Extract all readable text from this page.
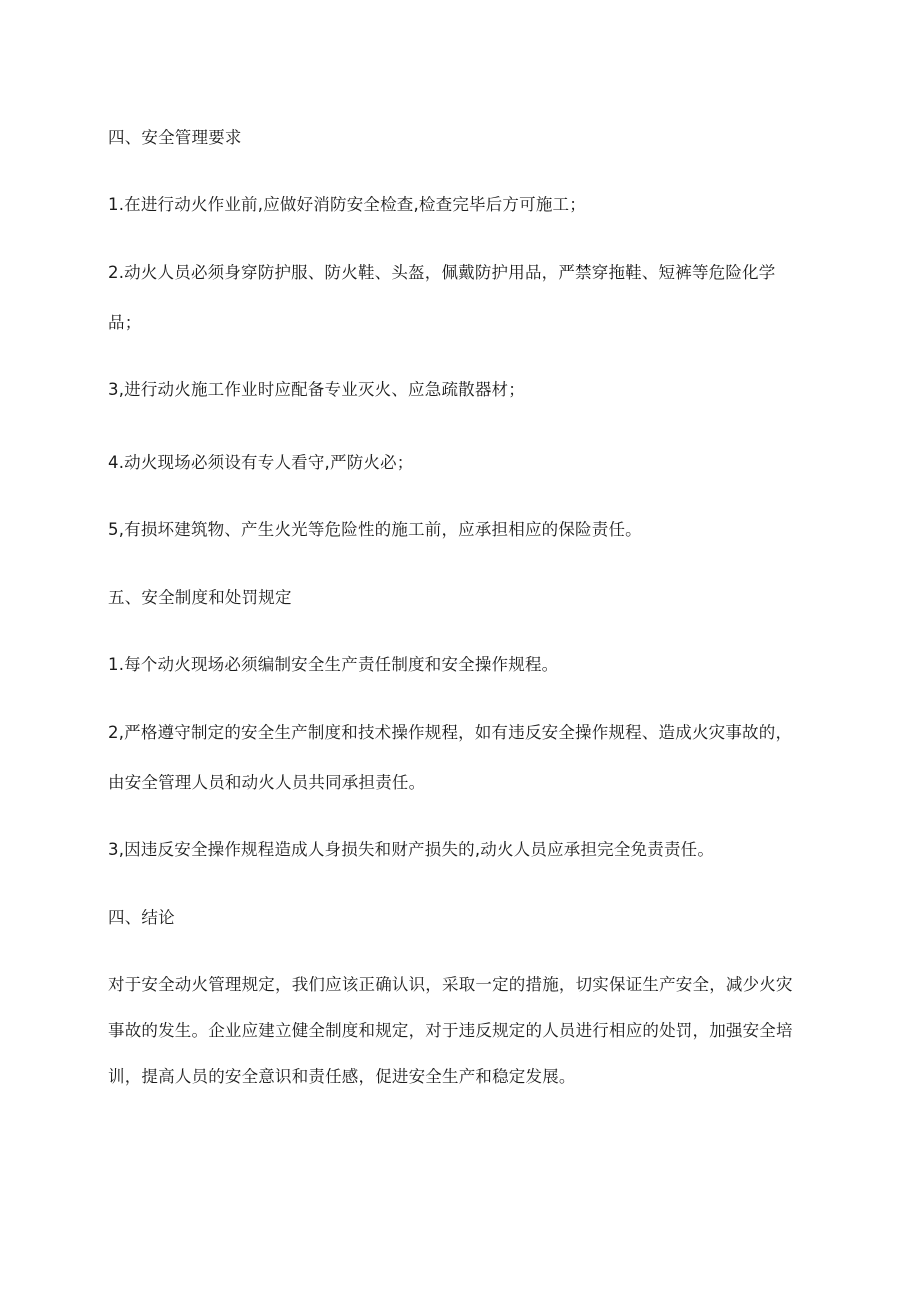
四、安全管理要求
1.在进行动火作业前,应做好消防安全检查,检查完毕后方可施工；
2.动火人员必须身穿防护服、防火鞋、头盔，佩戴防护用品，严禁穿拖鞋、短裤等危险化学
品；
3,进行动火施工作业时应配备专业灭火、应急疏散器材；
4.动火现场必须设有专人看守,严防火必；
5,有损坏建筑物、产生火光等危险性的施工前，应承担相应的保险责任。
五、安全制度和处罚规定
1.每个动火现场必须编制安全生产责任制度和安全操作规程。
2,严格遵守制定的安全生产制度和技术操作规程，如有违反安全操作规程、造成火灾事故的，
由安全管理人员和动火人员共同承担责任。
3,因违反安全操作规程造成人身损失和财产损失的,动火人员应承担完全免责责任。
四、结论
对于安全动火管理规定，我们应该正确认识，采取一定的措施，切实保证生产安全，减少火灾
事故的发生。企业应建立健全制度和规定，对于违反规定的人员进行相应的处罚，加强安全培
训，提高人员的安全意识和责任感，促进安全生产和稳定发展。
